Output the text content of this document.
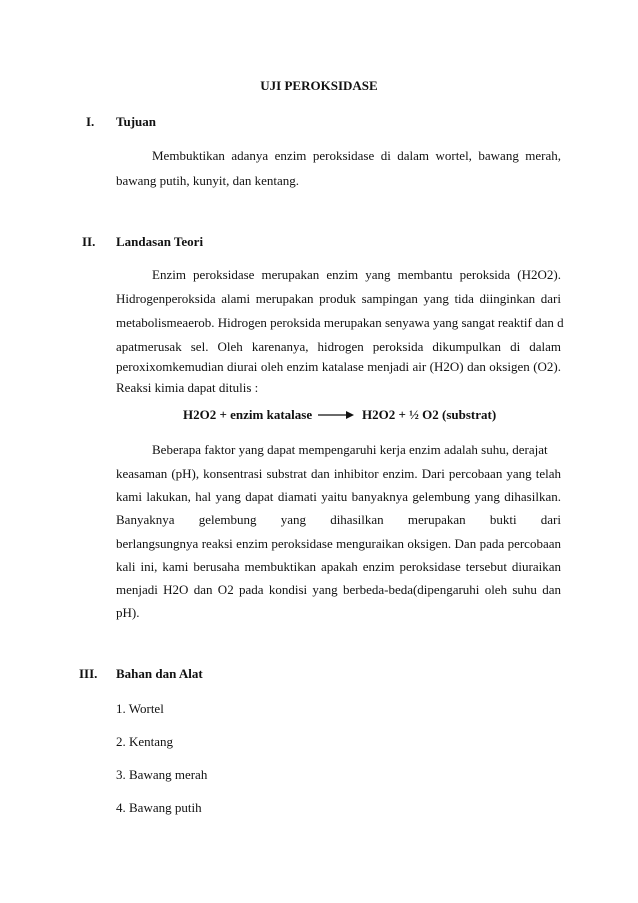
UJI PEROKSIDASE
I. Tujuan
Membuktikan adanya enzim peroksidase di dalam wortel, bawang merah,
bawang putih, kunyit, dan kentang.
II. Landasan Teori
Enzim peroksidase merupakan enzim yang membantu peroksida (H2O2).
Hidrogenperoksida alami merupakan produk sampingan yang tida diinginkan dari
metabolismeaerob. Hidrogen peroksida merupakan senyawa yang sangat reaktif dan d
apatmerusak sel. Oleh karenanya, hidrogen peroksida dikumpulkan di dalam
peroxixomkemudian diurai oleh enzim katalase menjadi air (H2O) dan oksigen (O2).
Reaksi kimia dapat ditulis :
H2O2 + enzim katalase → H2O2 + ½ O2 (substrat)
Beberapa faktor yang dapat mempengaruhi kerja enzim adalah suhu, derajat
keasaman (pH), konsentrasi substrat dan inhibitor enzim. Dari percobaan yang telah
kami lakukan, hal yang dapat diamati yaitu banyaknya gelembung yang dihasilkan.
Banyaknya gelembung yang dihasilkan merupakan bukti dari
berlangsungnya reaksi enzim peroksidase menguraikan oksigen. Dan pada percobaan
kali ini, kami berusaha membuktikan apakah enzim peroksidase tersebut diuraikan
menjadi H2O dan O2 pada kondisi yang berbeda-beda(dipengaruhi oleh suhu dan
pH).
III. Bahan dan Alat
1. Wortel
2. Kentang
3. Bawang merah
4. Bawang putih
